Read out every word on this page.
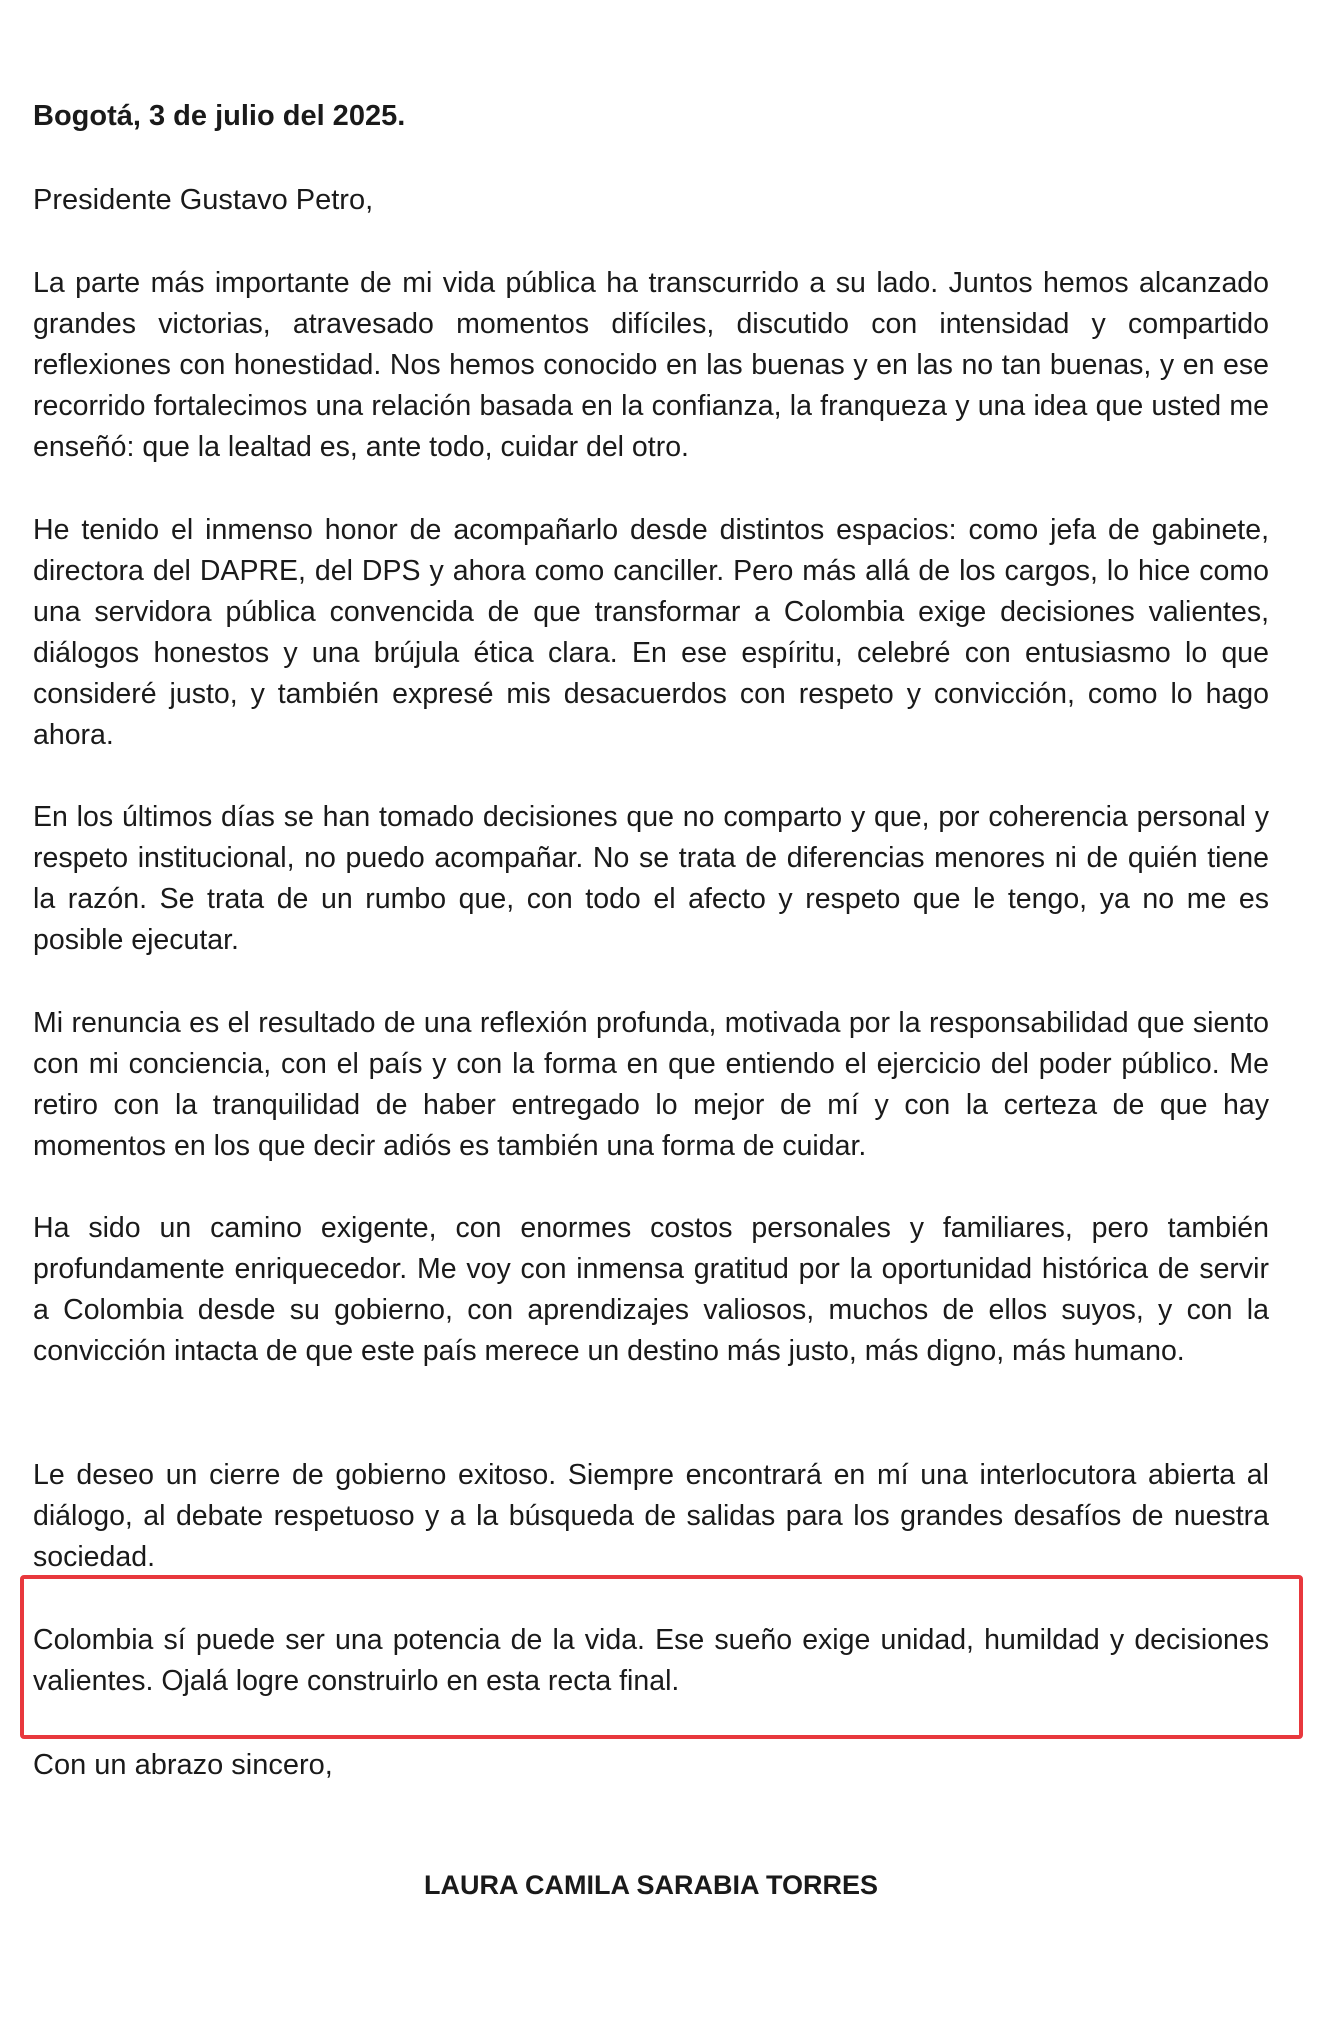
Bogotá, 3 de julio del 2025.

Presidente Gustavo Petro,

La parte más importante de mi vida pública ha transcurrido a su lado. Juntos hemos alcanzado grandes victorias, atravesado momentos difíciles, discutido con intensidad y compartido reflexiones con honestidad. Nos hemos conocido en las buenas y en las no tan buenas, y en ese recorrido fortalecimos una relación basada en la confianza, la franqueza y una idea que usted me enseñó: que la lealtad es, ante todo, cuidar del otro.

He tenido el inmenso honor de acompañarlo desde distintos espacios: como jefa de gabinete, directora del DAPRE, del DPS y ahora como canciller. Pero más allá de los cargos, lo hice como una servidora pública convencida de que transformar a Colombia exige decisiones valientes, diálogos honestos y una brújula ética clara. En ese espíritu, celebré con entusiasmo lo que consideré justo, y también expresé mis desacuerdos con respeto y convicción, como lo hago ahora.

En los últimos días se han tomado decisiones que no comparto y que, por coherencia personal y respeto institucional, no puedo acompañar. No se trata de diferencias menores ni de quién tiene la razón. Se trata de un rumbo que, con todo el afecto y respeto que le tengo, ya no me es posible ejecutar.

Mi renuncia es el resultado de una reflexión profunda, motivada por la responsabilidad que siento con mi conciencia, con el país y con la forma en que entiendo el ejercicio del poder público. Me retiro con la tranquilidad de haber entregado lo mejor de mí y con la certeza de que hay momentos en los que decir adiós es también una forma de cuidar.

Ha sido un camino exigente, con enormes costos personales y familiares, pero también profundamente enriquecedor. Me voy con inmensa gratitud por la oportunidad histórica de servir a Colombia desde su gobierno, con aprendizajes valiosos, muchos de ellos suyos, y con la convicción intacta de que este país merece un destino más justo, más digno, más humano.

Le deseo un cierre de gobierno exitoso. Siempre encontrará en mí una interlocutora abierta al diálogo, al debate respetuoso y a la búsqueda de salidas para los grandes desafíos de nuestra sociedad.

Colombia sí puede ser una potencia de la vida. Ese sueño exige unidad, humildad y decisiones valientes. Ojalá logre construirlo en esta recta final.

Con un abrazo sincero,

LAURA CAMILA SARABIA TORRES
